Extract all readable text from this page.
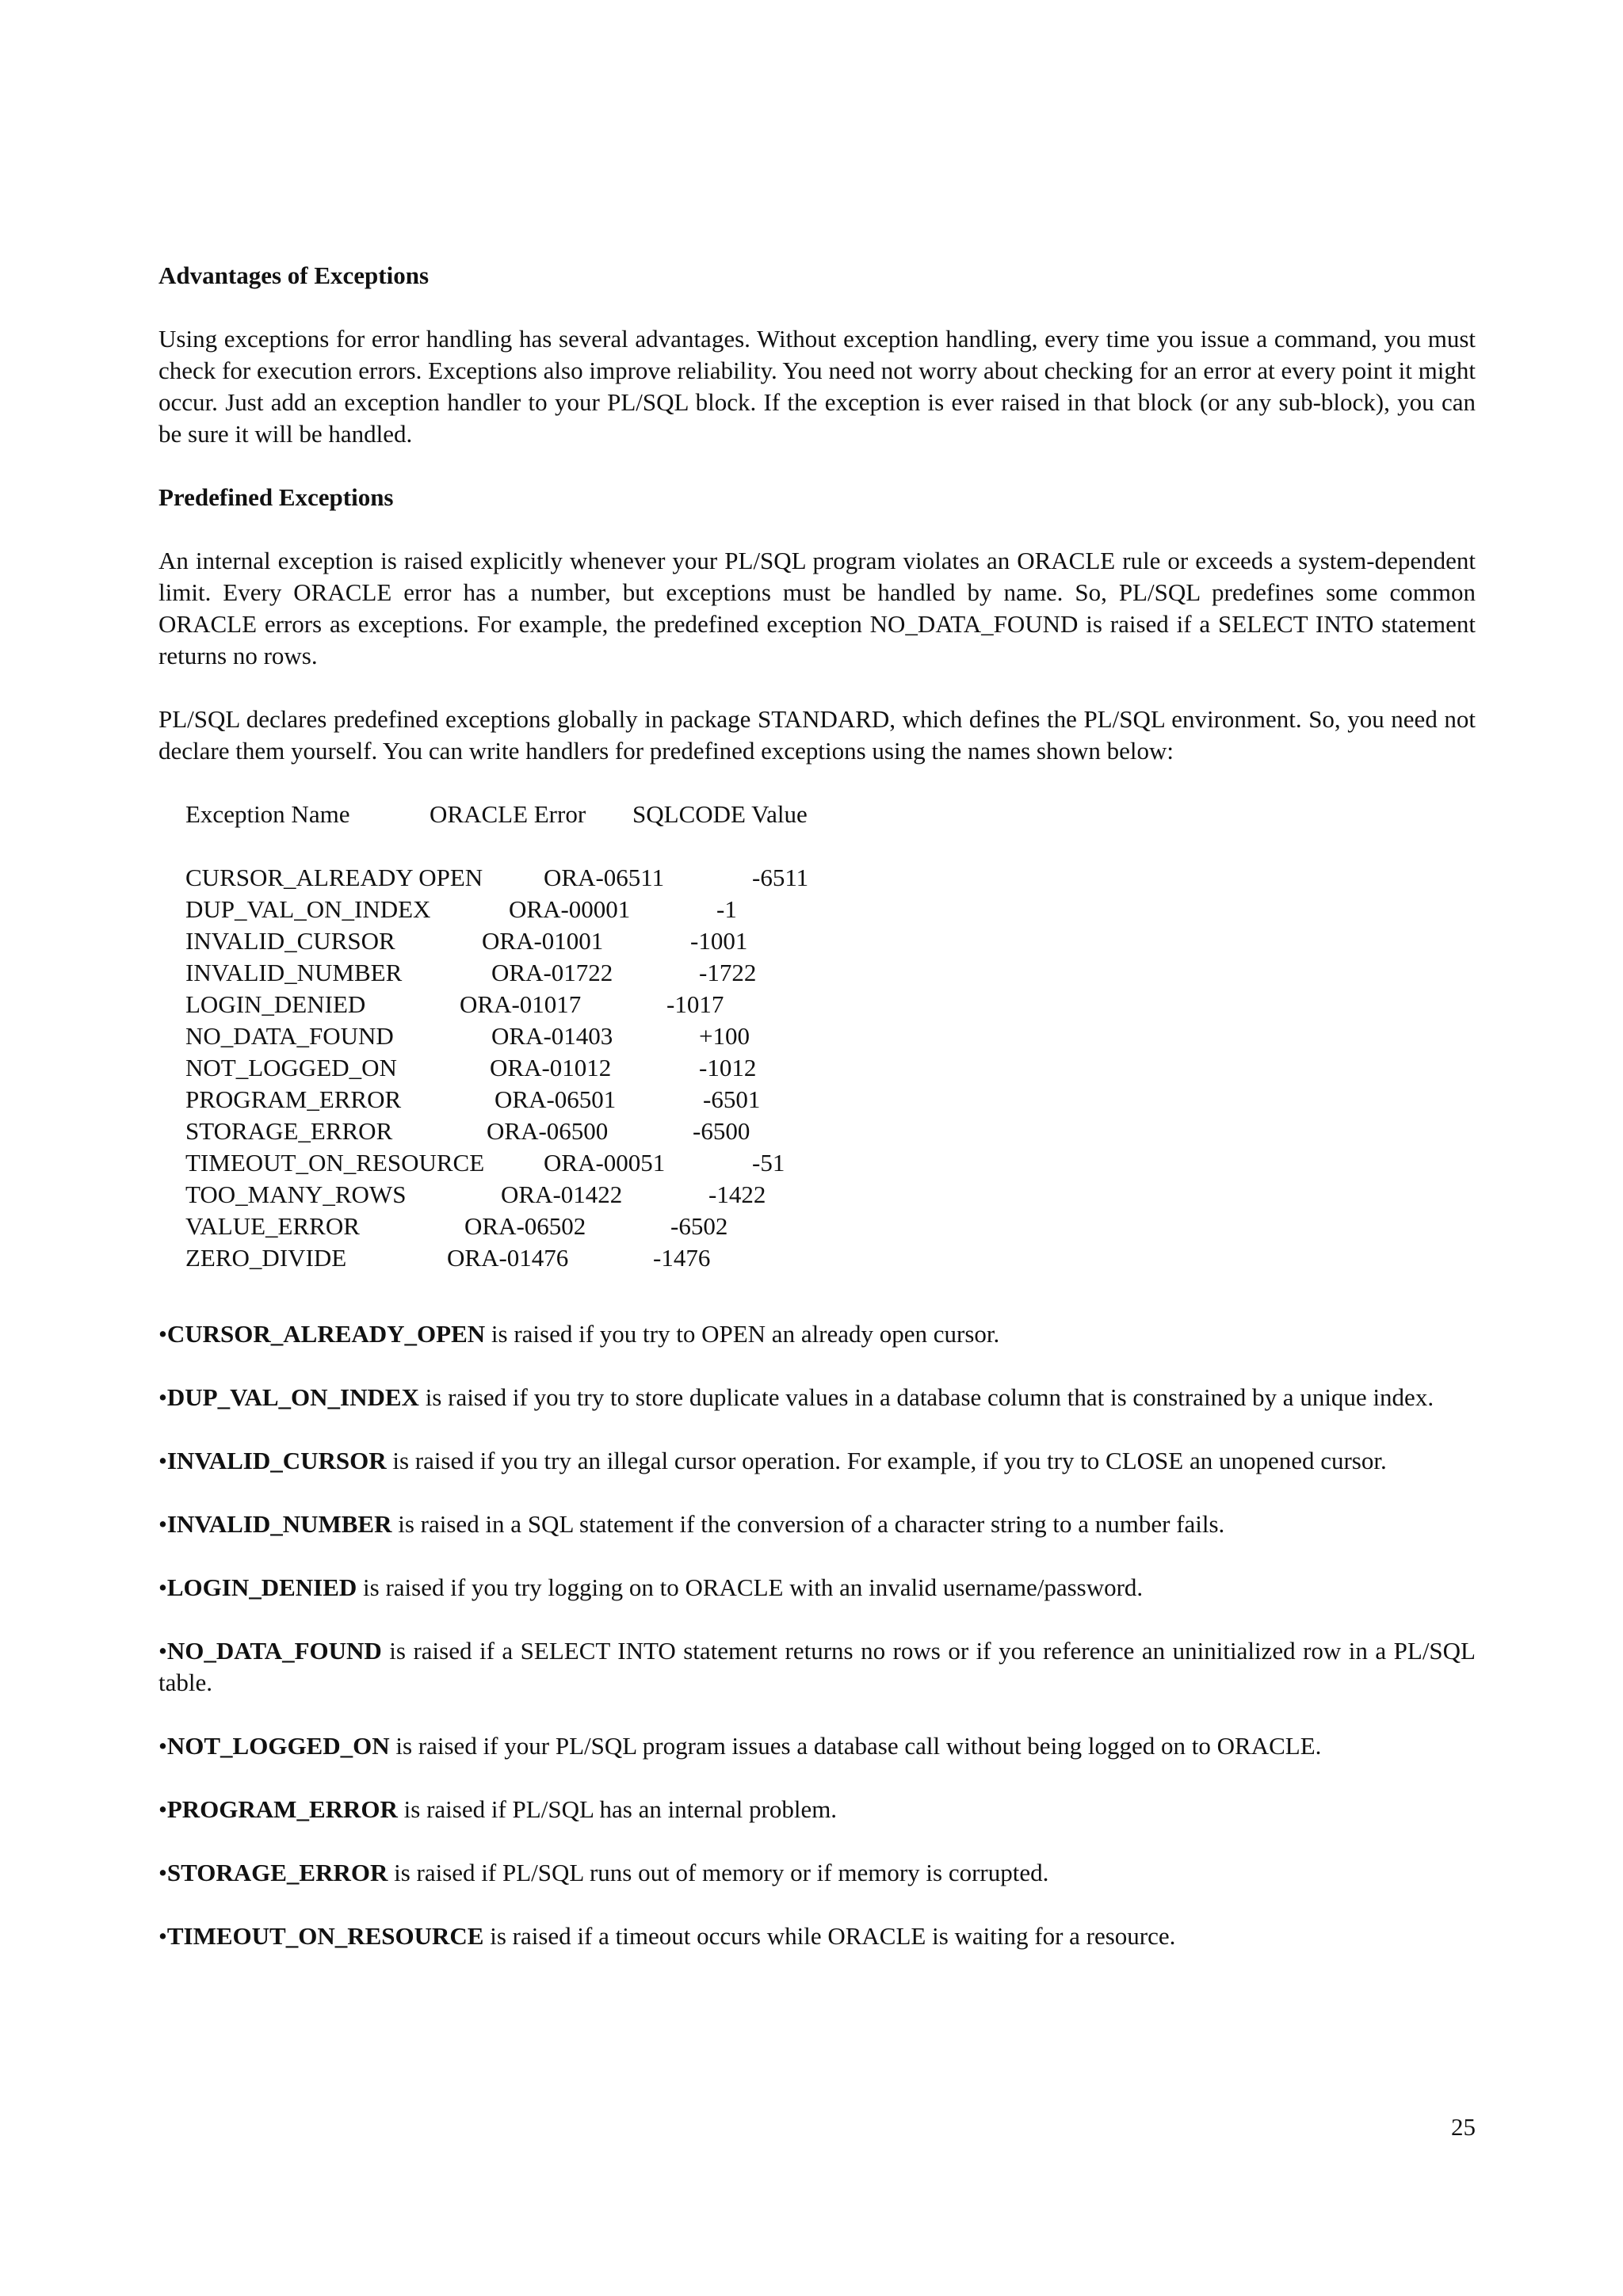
Advantages of Exceptions

Using exceptions for error handling has several advantages. Without exception handling, every time you issue a command, you must check for execution errors. Exceptions also improve reliability. You need not worry about checking for an error at every point it might occur. Just add an exception handler to your PL/SQL block. If the exception is ever raised in that block (or any sub-block), you can be sure it will be handled.

Predefined Exceptions

An internal exception is raised explicitly whenever your PL/SQL program violates an ORACLE rule or exceeds a system-dependent limit. Every ORACLE error has a number, but exceptions must be handled by name. So, PL/SQL predefines some common ORACLE errors as exceptions. For example, the predefined exception NO_DATA_FOUND is raised if a SELECT INTO statement returns no rows.

PL/SQL declares predefined exceptions globally in package STANDARD, which defines the PL/SQL environment. So, you need not declare them yourself. You can write handlers for predefined exceptions using the names shown below:

Exception Name	ORACLE Error SQLCODE Value
CURSOR_ALREADY OPEN ORA-06511	-6511
DUP_VAL_ON_INDEX	ORA-00001	-1
INVALID_CURSOR	ORA-01001	-1001
INVALID_NUMBER	ORA-01722	-1722
LOGIN_DENIED	ORA-01017	-1017
NO_DATA_FOUND	ORA-01403	+100
NOT_LOGGED_ON	ORA-01012	-1012
PROGRAM_ERROR	ORA-06501	-6501
STORAGE_ERROR	ORA-06500	-6500
TIMEOUT_ON_RESOURCE ORA-00051	-51
TOO_MANY_ROWS	ORA-01422	-1422
VALUE_ERROR	ORA-06502	-6502
ZERO_DIVIDE	ORA-01476	-1476

•CURSOR_ALREADY_OPEN is raised if you try to OPEN an already open cursor.

•DUP_VAL_ON_INDEX is raised if you try to store duplicate values in a database column that is constrained by a unique index.

•INVALID_CURSOR is raised if you try an illegal cursor operation. For example, if you try to CLOSE an unopened cursor.

•INVALID_NUMBER is raised in a SQL statement if the conversion of a character string to a number fails.

•LOGIN_DENIED is raised if you try logging on to ORACLE with an invalid username/password.

•NO_DATA_FOUND is raised if a SELECT INTO statement returns no rows or if you reference an uninitialized row in a PL/SQL table.

•NOT_LOGGED_ON is raised if your PL/SQL program issues a database call without being logged on to ORACLE.

•PROGRAM_ERROR is raised if PL/SQL has an internal problem.

•STORAGE_ERROR is raised if PL/SQL runs out of memory or if memory is corrupted.

•TIMEOUT_ON_RESOURCE is raised if a timeout occurs while ORACLE is waiting for a resource.

25
